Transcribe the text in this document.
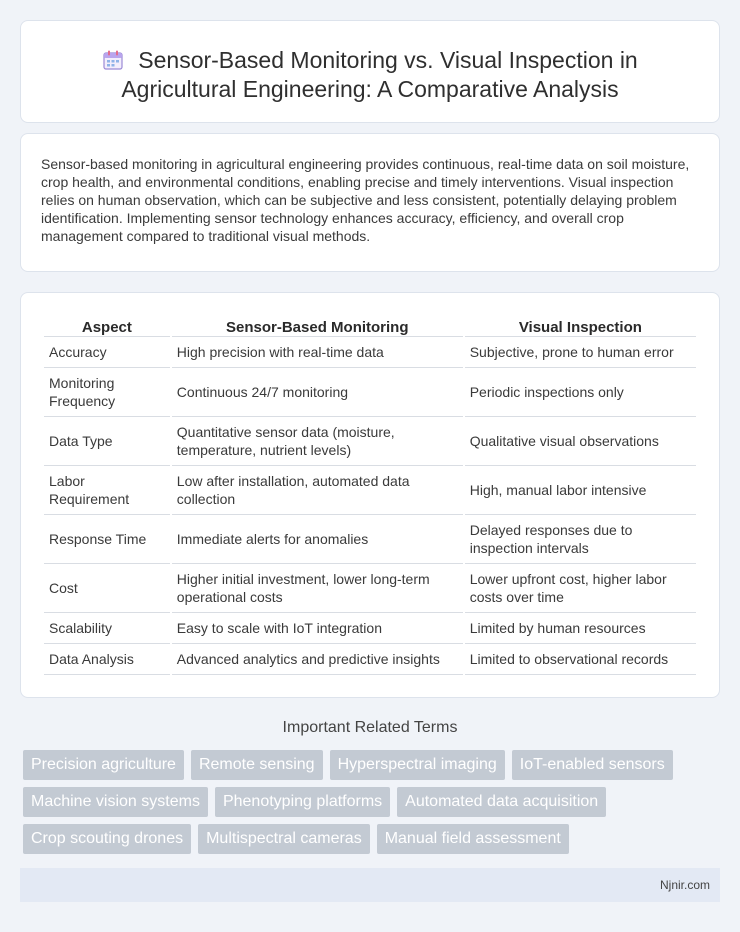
Sensor-Based Monitoring vs. Visual Inspection in Agricultural Engineering: A Comparative Analysis

Sensor-based monitoring in agricultural engineering provides continuous, real-time data on soil moisture, crop health, and environmental conditions, enabling precise and timely interventions. Visual inspection relies on human observation, which can be subjective and less consistent, potentially delaying problem identification. Implementing sensor technology enhances accuracy, efficiency, and overall crop management compared to traditional visual methods.

Aspect	Sensor-Based Monitoring	Visual Inspection
Accuracy	High precision with real-time data	Subjective, prone to human error
Monitoring Frequency	Continuous 24/7 monitoring	Periodic inspections only
Data Type	Quantitative sensor data (moisture, temperature, nutrient levels)	Qualitative visual observations
Labor Requirement	Low after installation, automated data collection	High, manual labor intensive
Response Time	Immediate alerts for anomalies	Delayed responses due to inspection intervals
Cost	Higher initial investment, lower long-term operational costs	Lower upfront cost, higher labor costs over time
Scalability	Easy to scale with IoT integration	Limited by human resources
Data Analysis	Advanced analytics and predictive insights	Limited to observational records
Important Related Terms
Precision agriculture	Remote sensing	Hyperspectral imaging	IoT-enabled sensors
Machine vision systems	Phenotyping platforms	Automated data acquisition
Crop scouting drones	Multispectral cameras	Manual field assessment
Njnir.com
